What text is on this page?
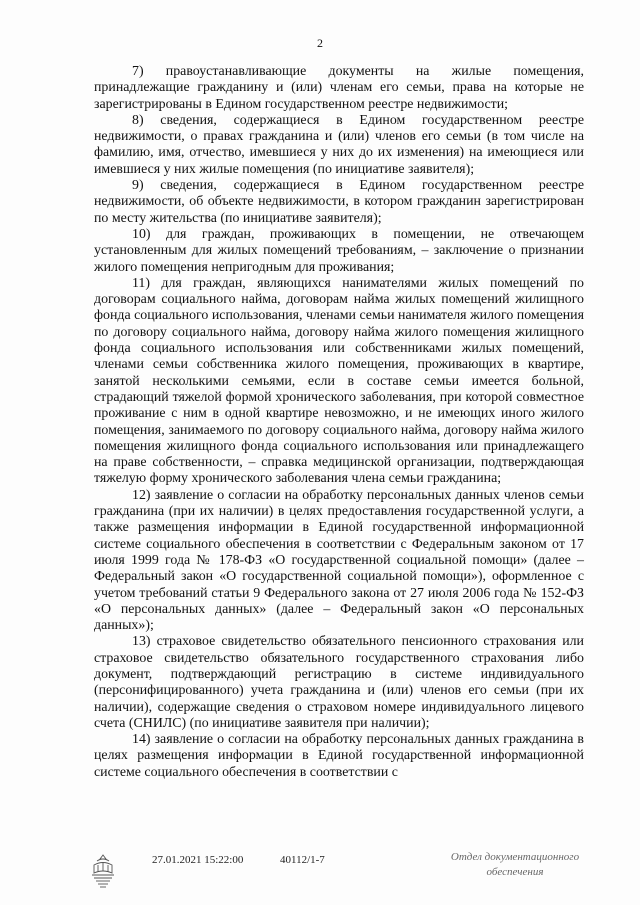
2

7) правоустанавливающие документы на жилые помещения, принадлежащие гражданину и (или) членам его семьи, права на которые не зарегистрированы в Едином государственном реестре недвижимости;

8) сведения, содержащиеся в Едином государственном реестре недвижимости, о правах гражданина и (или) членов его семьи (в том числе на фамилию, имя, отчество, имевшиеся у них до их изменения) на имеющиеся или имевшиеся у них жилые помещения (по инициативе заявителя);

9) сведения, содержащиеся в Едином государственном реестре недвижимости, об объекте недвижимости, в котором гражданин зарегистрирован по месту жительства (по инициативе заявителя);

10) для граждан, проживающих в помещении, не отвечающем установленным для жилых помещений требованиям, – заключение о признании жилого помещения непригодным для проживания;

11) для граждан, являющихся нанимателями жилых помещений по договорам социального найма, договорам найма жилых помещений жилищного фонда социального использования, членами семьи нанимателя жилого помещения по договору социального найма, договору найма жилого помещения жилищного фонда социального использования или собственниками жилых помещений, членами семьи собственника жилого помещения, проживающих в квартире, занятой несколькими семьями, если в составе семьи имеется больной, страдающий тяжелой формой хронического заболевания, при которой совместное проживание с ним в одной квартире невозможно, и не имеющих иного жилого помещения, занимаемого по договору социального найма, договору найма жилого помещения жилищного фонда социального использования или принадлежащего на праве собственности, – справка медицинской организации, подтверждающая тяжелую форму хронического заболевания члена семьи гражданина;

12) заявление о согласии на обработку персональных данных членов семьи гражданина (при их наличии) в целях предоставления государственной услуги, а также размещения информации в Единой государственной информационной системе социального обеспечения в соответствии с Федеральным законом от 17 июля 1999 года № 178-ФЗ «О государственной социальной помощи» (далее – Федеральный закон «О государственной социальной помощи»), оформленное с учетом требований статьи 9 Федерального закона от 27 июля 2006 года № 152-ФЗ «О персональных данных» (далее – Федеральный закон «О персональных данных»);

13) страховое свидетельство обязательного пенсионного страхования или страховое свидетельство обязательного государственного страхования либо документ, подтверждающий регистрацию в системе индивидуального (персонифицированного) учета гражданина и (или) членов его семьи (при их наличии), содержащие сведения о страховом номере индивидуального лицевого счета (СНИЛС) (по инициативе заявителя при наличии);

14) заявление о согласии на обработку персональных данных гражданина в целях размещения информации в Единой государственной информационной системе социального обеспечения в соответствии с

27.01.2021 15:22:00	40112/1-7	Отдел документационного
обеспечения
